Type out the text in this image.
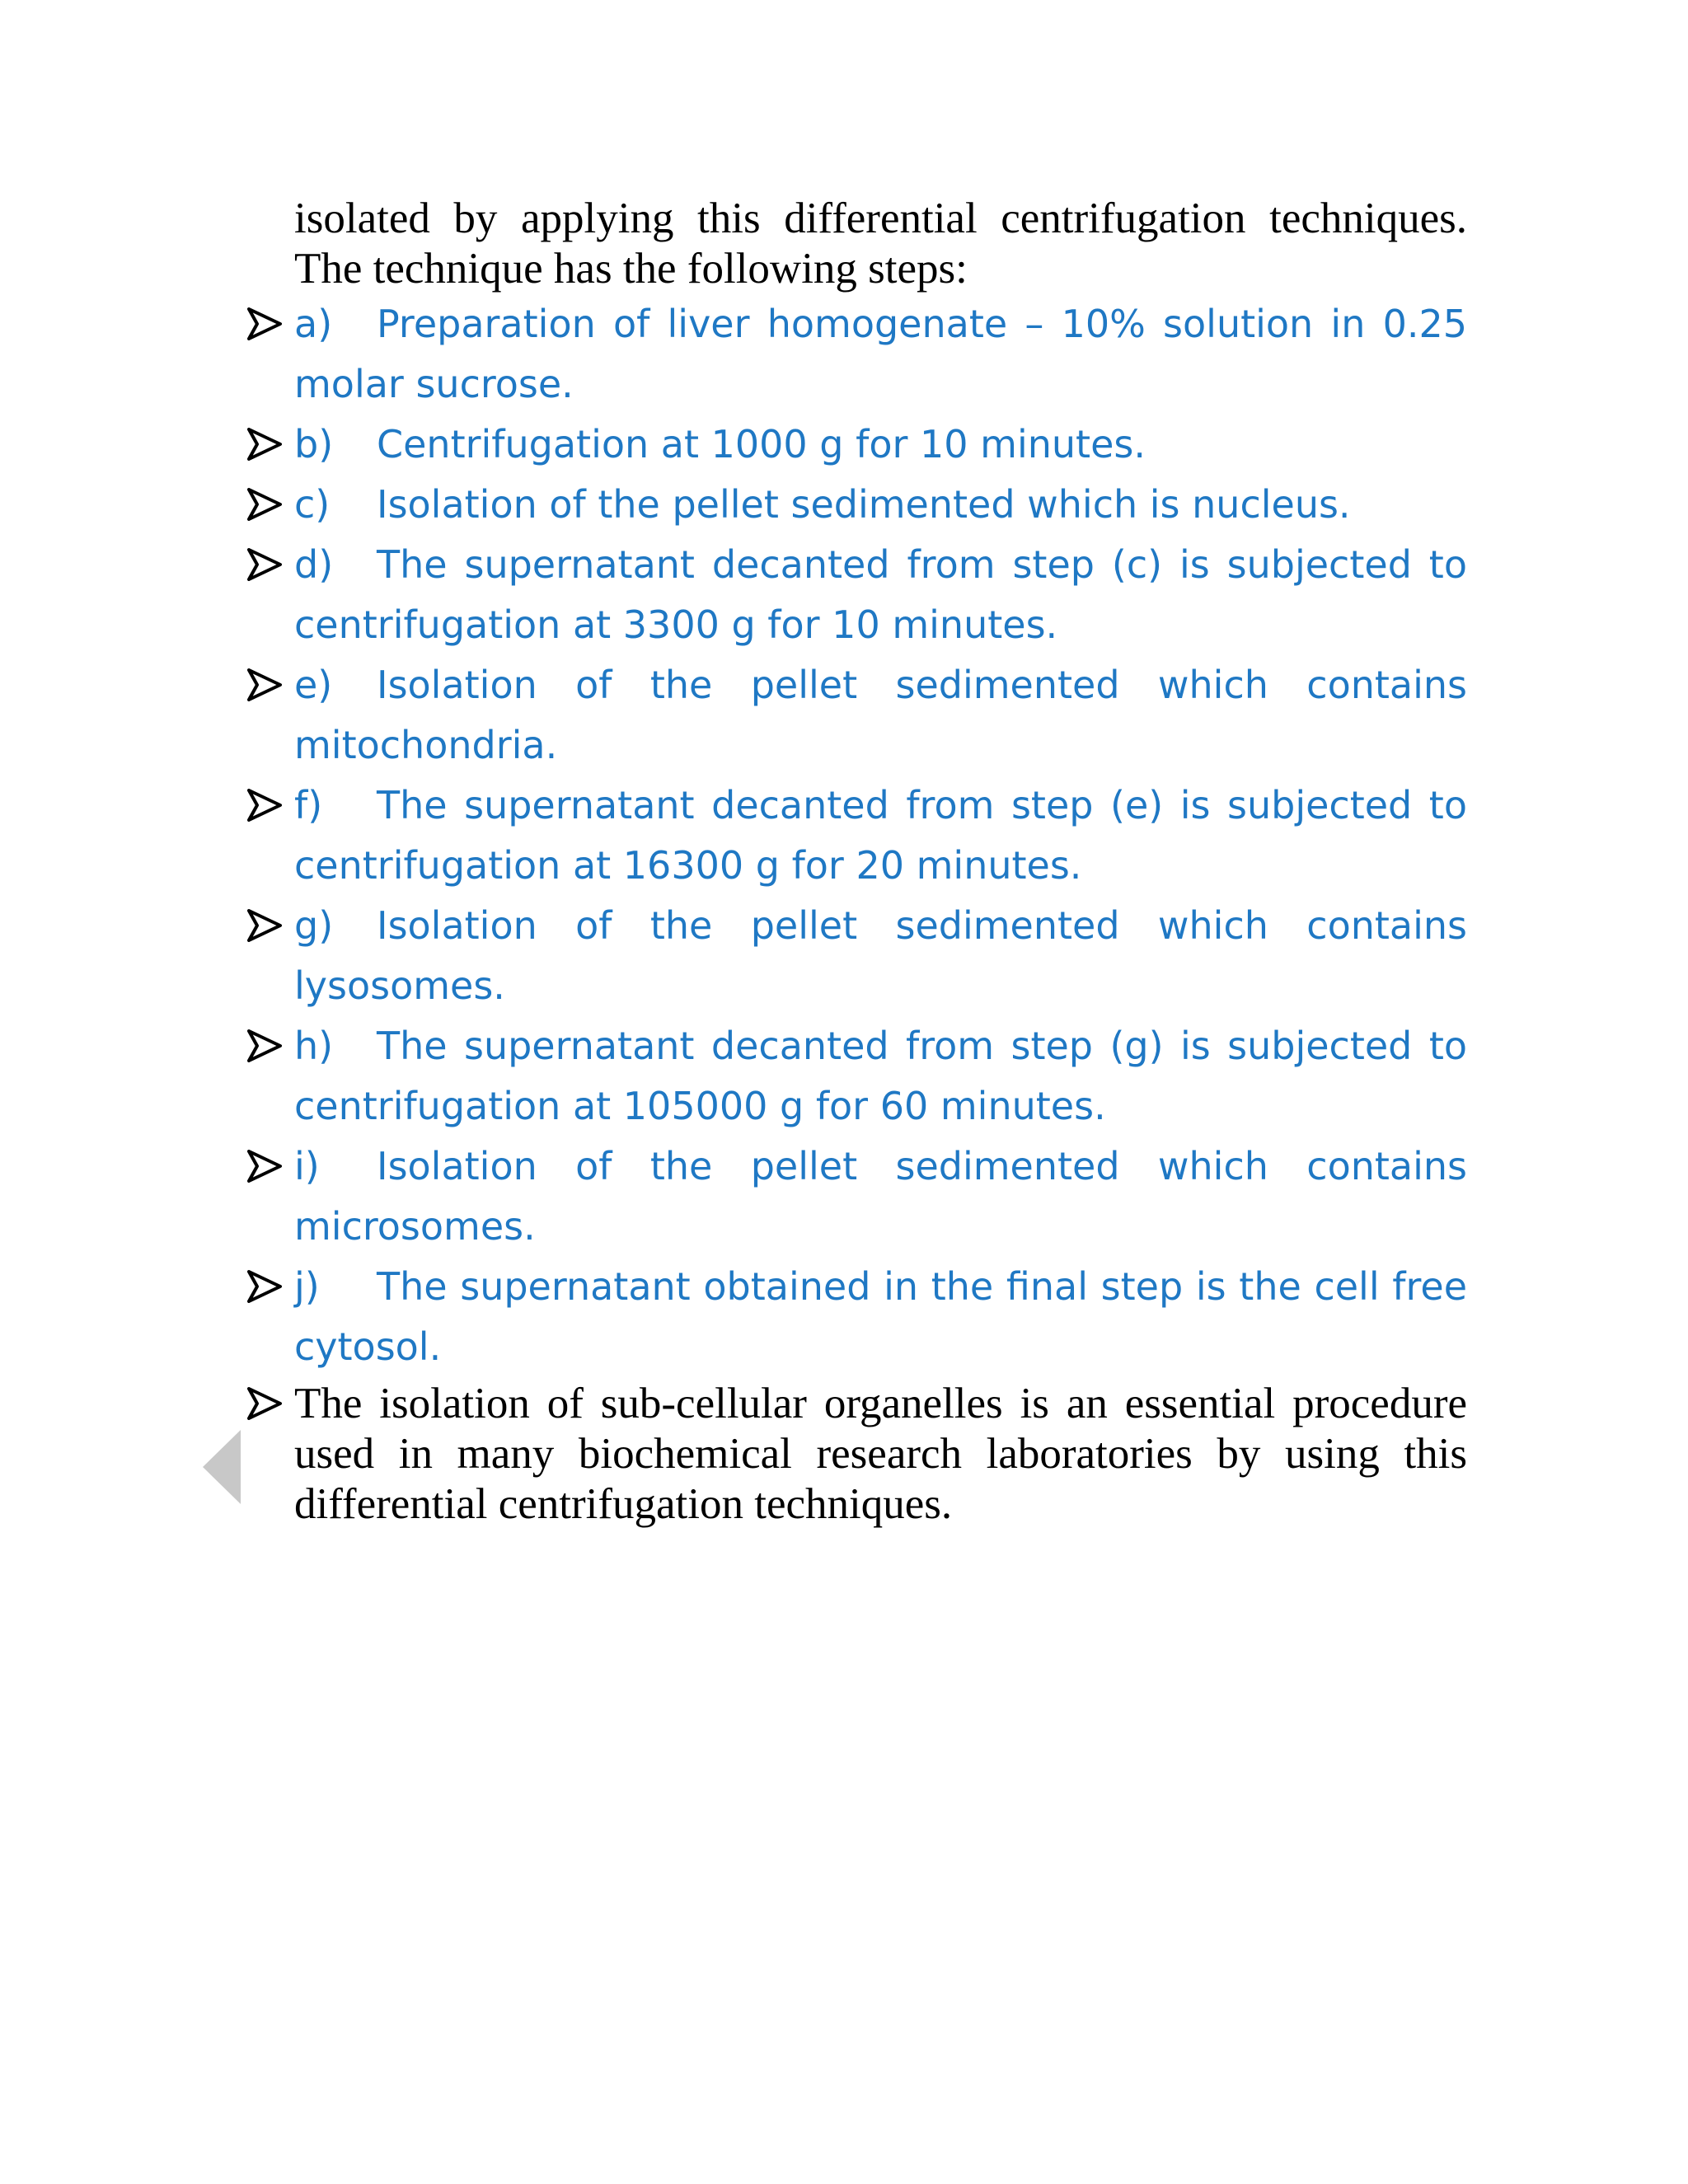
isolated by applying this differential centrifugation techniques. The technique has the following steps:

a) Preparation of liver homogenate – 10% solution in 0.25 molar sucrose.
b) Centrifugation at 1000 g for 10 minutes.
c) Isolation of the pellet sedimented which is nucleus.
d) The supernatant decanted from step (c) is subjected to centrifugation at 3300 g for 10 minutes.
e) Isolation of the pellet sedimented which contains mitochondria.
f) The supernatant decanted from step (e) is subjected to centrifugation at 16300 g for 20 minutes.
g) Isolation of the pellet sedimented which contains lysosomes.
h) The supernatant decanted from step (g) is subjected to centrifugation at 105000 g for 60 minutes.
i) Isolation of the pellet sedimented which contains microsomes.
j) The supernatant obtained in the final step is the cell free cytosol.
The isolation of sub-cellular organelles is an essential procedure used in many biochemical research laboratories by using this differential centrifugation techniques.
